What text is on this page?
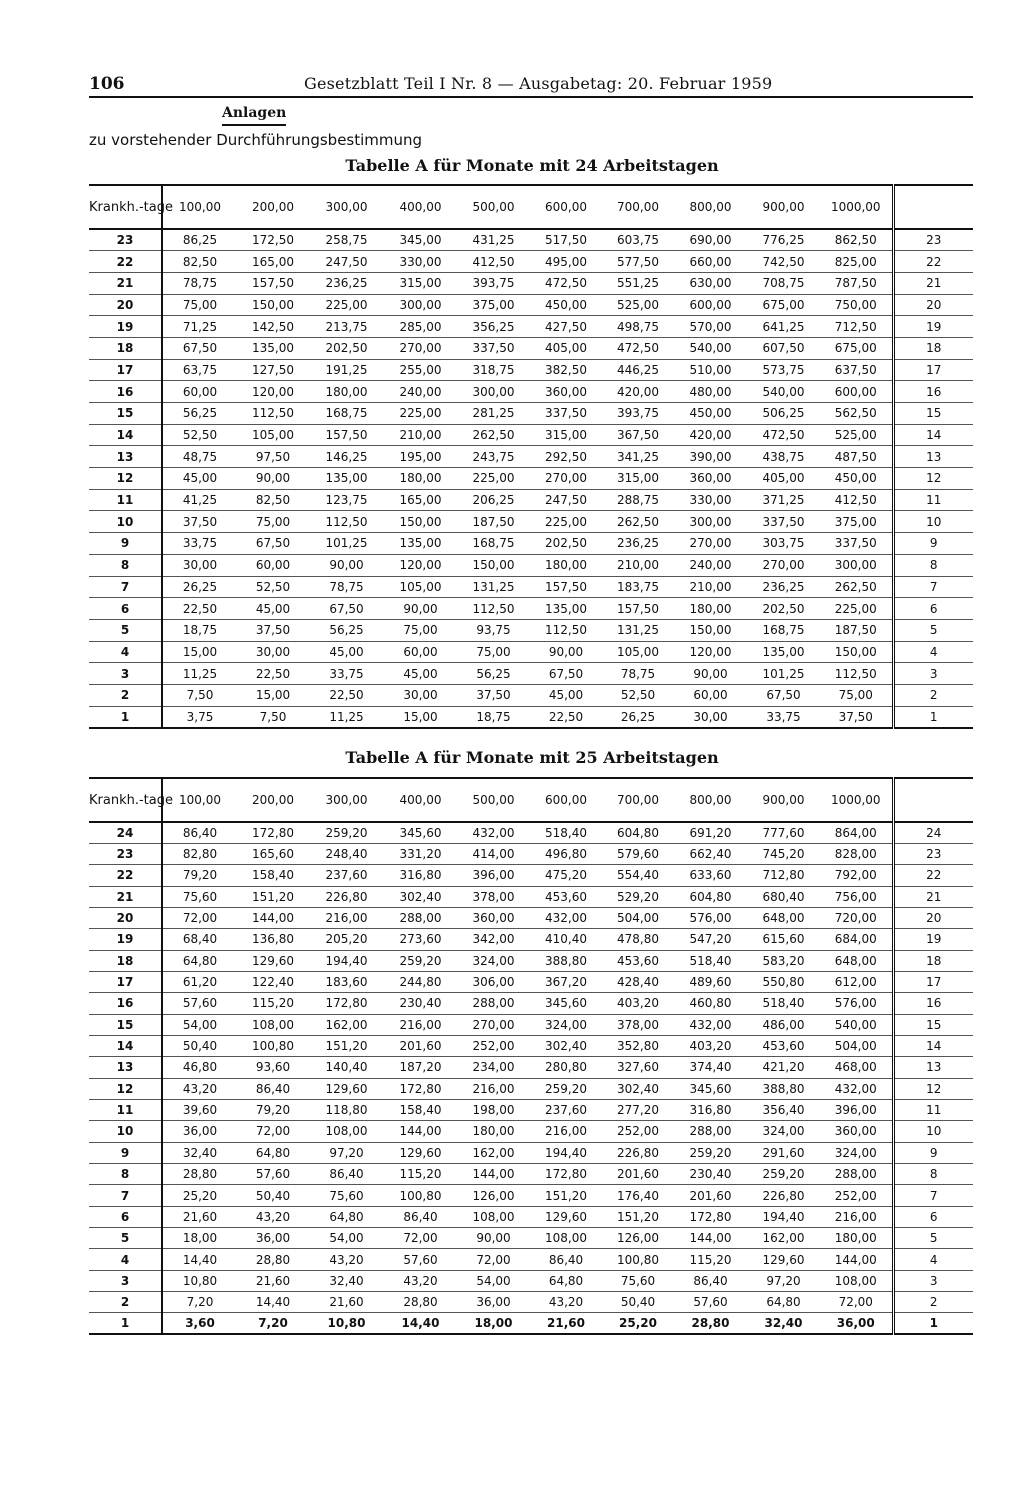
106	Gesetzblatt Teil I Nr. 8 — Ausgabetag: 20. Februar 1959
Anlagen
zu vorstehender Durchführungsbestimmung
Tabelle A für Monate mit 24 Arbeitstagen
Krankh.-tage	100,00	200,00	300,00	400,00	500,00	600,00	700,00	800,00	900,00	1000,00	
23	86,25	172,50	258,75	345,00	431,25	517,50	603,75	690,00	776,25	862,50	23
22	82,50	165,00	247,50	330,00	412,50	495,00	577,50	660,00	742,50	825,00	22
21	78,75	157,50	236,25	315,00	393,75	472,50	551,25	630,00	708,75	787,50	21
20	75,00	150,00	225,00	300,00	375,00	450,00	525,00	600,00	675,00	750,00	20
19	71,25	142,50	213,75	285,00	356,25	427,50	498,75	570,00	641,25	712,50	19
18	67,50	135,00	202,50	270,00	337,50	405,00	472,50	540,00	607,50	675,00	18
17	63,75	127,50	191,25	255,00	318,75	382,50	446,25	510,00	573,75	637,50	17
16	60,00	120,00	180,00	240,00	300,00	360,00	420,00	480,00	540,00	600,00	16
15	56,25	112,50	168,75	225,00	281,25	337,50	393,75	450,00	506,25	562,50	15
14	52,50	105,00	157,50	210,00	262,50	315,00	367,50	420,00	472,50	525,00	14
13	48,75	97,50	146,25	195,00	243,75	292,50	341,25	390,00	438,75	487,50	13
12	45,00	90,00	135,00	180,00	225,00	270,00	315,00	360,00	405,00	450,00	12
11	41,25	82,50	123,75	165,00	206,25	247,50	288,75	330,00	371,25	412,50	11
10	37,50	75,00	112,50	150,00	187,50	225,00	262,50	300,00	337,50	375,00	10
9	33,75	67,50	101,25	135,00	168,75	202,50	236,25	270,00	303,75	337,50	9
8	30,00	60,00	90,00	120,00	150,00	180,00	210,00	240,00	270,00	300,00	8
7	26,25	52,50	78,75	105,00	131,25	157,50	183,75	210,00	236,25	262,50	7
6	22,50	45,00	67,50	90,00	112,50	135,00	157,50	180,00	202,50	225,00	6
5	18,75	37,50	56,25	75,00	93,75	112,50	131,25	150,00	168,75	187,50	5
4	15,00	30,00	45,00	60,00	75,00	90,00	105,00	120,00	135,00	150,00	4
3	11,25	22,50	33,75	45,00	56,25	67,50	78,75	90,00	101,25	112,50	3
2	7,50	15,00	22,50	30,00	37,50	45,00	52,50	60,00	67,50	75,00	2
1	3,75	7,50	11,25	15,00	18,75	22,50	26,25	30,00	33,75	37,50	1
Tabelle A für Monate mit 25 Arbeitstagen
Krankh.-tage	100,00	200,00	300,00	400,00	500,00	600,00	700,00	800,00	900,00	1000,00	
24	86,40	172,80	259,20	345,60	432,00	518,40	604,80	691,20	777,60	864,00	24
23	82,80	165,60	248,40	331,20	414,00	496,80	579,60	662,40	745,20	828,00	23
22	79,20	158,40	237,60	316,80	396,00	475,20	554,40	633,60	712,80	792,00	22
21	75,60	151,20	226,80	302,40	378,00	453,60	529,20	604,80	680,40	756,00	21
20	72,00	144,00	216,00	288,00	360,00	432,00	504,00	576,00	648,00	720,00	20
19	68,40	136,80	205,20	273,60	342,00	410,40	478,80	547,20	615,60	684,00	19
18	64,80	129,60	194,40	259,20	324,00	388,80	453,60	518,40	583,20	648,00	18
17	61,20	122,40	183,60	244,80	306,00	367,20	428,40	489,60	550,80	612,00	17
16	57,60	115,20	172,80	230,40	288,00	345,60	403,20	460,80	518,40	576,00	16
15	54,00	108,00	162,00	216,00	270,00	324,00	378,00	432,00	486,00	540,00	15
14	50,40	100,80	151,20	201,60	252,00	302,40	352,80	403,20	453,60	504,00	14
13	46,80	93,60	140,40	187,20	234,00	280,80	327,60	374,40	421,20	468,00	13
12	43,20	86,40	129,60	172,80	216,00	259,20	302,40	345,60	388,80	432,00	12
11	39,60	79,20	118,80	158,40	198,00	237,60	277,20	316,80	356,40	396,00	11
10	36,00	72,00	108,00	144,00	180,00	216,00	252,00	288,00	324,00	360,00	10
9	32,40	64,80	97,20	129,60	162,00	194,40	226,80	259,20	291,60	324,00	9
8	28,80	57,60	86,40	115,20	144,00	172,80	201,60	230,40	259,20	288,00	8
7	25,20	50,40	75,60	100,80	126,00	151,20	176,40	201,60	226,80	252,00	7
6	21,60	43,20	64,80	86,40	108,00	129,60	151,20	172,80	194,40	216,00	6
5	18,00	36,00	54,00	72,00	90,00	108,00	126,00	144,00	162,00	180,00	5
4	14,40	28,80	43,20	57,60	72,00	86,40	100,80	115,20	129,60	144,00	4
3	10,80	21,60	32,40	43,20	54,00	64,80	75,60	86,40	97,20	108,00	3
2	7,20	14,40	21,60	28,80	36,00	43,20	50,40	57,60	64,80	72,00	2
1	3,60	7,20	10,80	14,40	18,00	21,60	25,20	28,80	32,40	36,00	1
